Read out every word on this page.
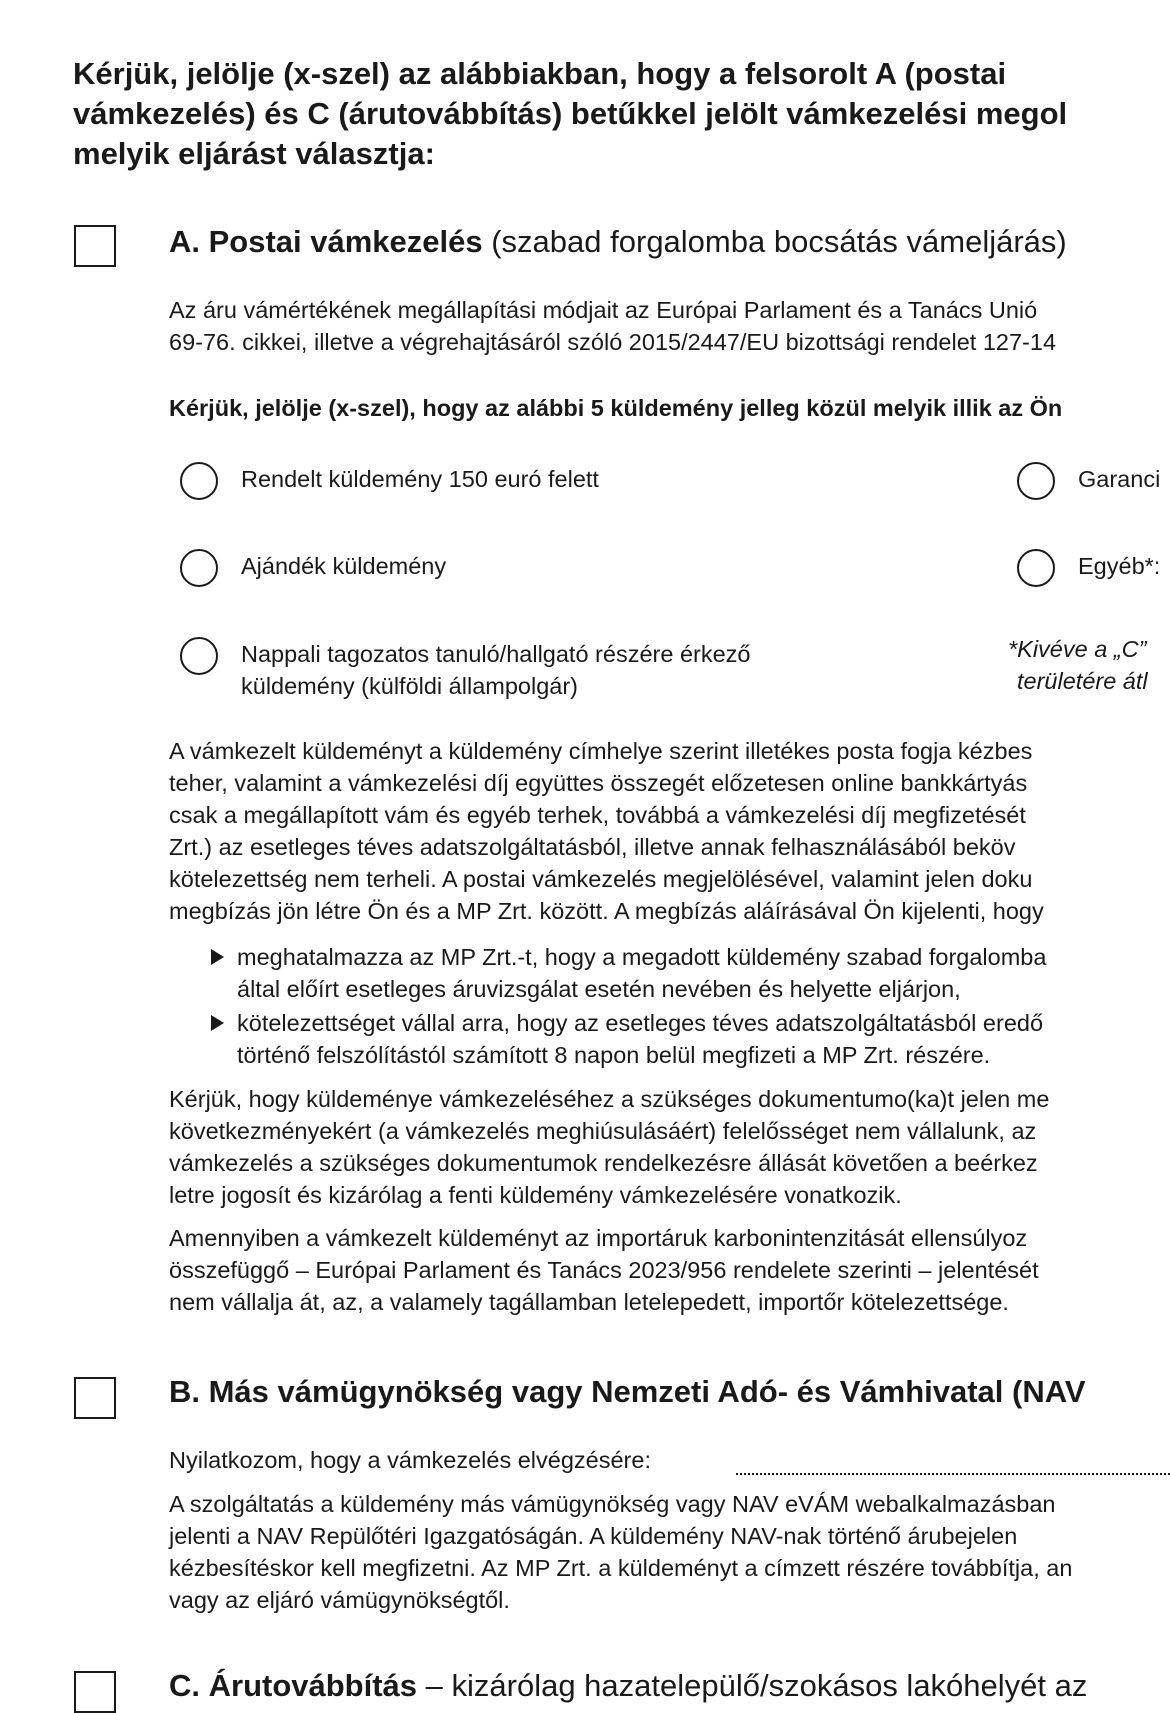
Kérjük, jelölje (x-szel) az alábbiakban, hogy a felsorolt A (postai
vámkezelés) és C (árutovábbítás) betűkkel jelölt vámkezelési megol
melyik eljárást választja:
A. Postai vámkezelés (szabad forgalomba bocsátás vámeljárás)
Az áru vámértékének megállapítási módjait az Európai Parlament és a Tanács Unió
69-76. cikkei, illetve a végrehajtásáról szóló 2015/2447/EU bizottsági rendelet 127-14
Kérjük, jelölje (x-szel), hogy az alábbi 5 küldemény jelleg közül melyik illik az Ön
Rendelt küldemény 150 euró felett	Garanci
Ajándék küldemény	Egyéb*:
Nappali tagozatos tanuló/hallgató részére érkező
küldemény (külföldi állampolgár)
*Kivéve a „C”
területére átl
A vámkezelt küldeményt a küldemény címhelye szerint illetékes posta fogja kézbes
teher, valamint a vámkezelési díj együttes összegét előzetesen online bankkártyás
csak a megállapított vám és egyéb terhek, továbbá a vámkezelési díj megfizetését
Zrt.) az esetleges téves adatszolgáltatásból, illetve annak felhasználásából beköv
kötelezettség nem terheli. A postai vámkezelés megjelölésével, valamint jelen doku
megbízás jön létre Ön és a MP Zrt. között. A megbízás aláírásával Ön kijelenti, hogy
meghatalmazza az MP Zrt.-t, hogy a megadott küldemény szabad forgalomba
által előírt esetleges áruvizsgálat esetén nevében és helyette eljárjon,
kötelezettséget vállal arra, hogy az esetleges téves adatszolgáltatásból eredő
történő felszólítástól számított 8 napon belül megfizeti a MP Zrt. részére.
Kérjük, hogy küldeménye vámkezeléséhez a szükséges dokumentumo(ka)t jelen me
következményekért (a vámkezelés meghiúsulásáért) felelősséget nem vállalunk, az
vámkezelés a szükséges dokumentumok rendelkezésre állását követően a beérkez
letre jogosít és kizárólag a fenti küldemény vámkezelésére vonatkozik.
Amennyiben a vámkezelt küldeményt az importáruk karbonintenzitását ellensúlyoz
összefüggő – Európai Parlament és Tanács 2023/956 rendelete szerinti – jelentését
nem vállalja át, az, a valamely tagállamban letelepedett, importőr kötelezettsége.
B. Más vámügynökség vagy Nemzeti Adó- és Vámhivatal (NAV
Nyilatkozom, hogy a vámkezelés elvégzésére:
A szolgáltatás a küldemény más vámügynökség vagy NAV eVÁM webalkalmazásban
jelenti a NAV Repülőtéri Igazgatóságán. A küldemény NAV-nak történő árubejelen
kézbesítéskor kell megfizetni. Az MP Zrt. a küldeményt a címzett részére továbbítja, an
vagy az eljáró vámügynökségtől.
C. Árutovábbítás – kizárólag hazatelepülő/szokásos lakóhelyét az
